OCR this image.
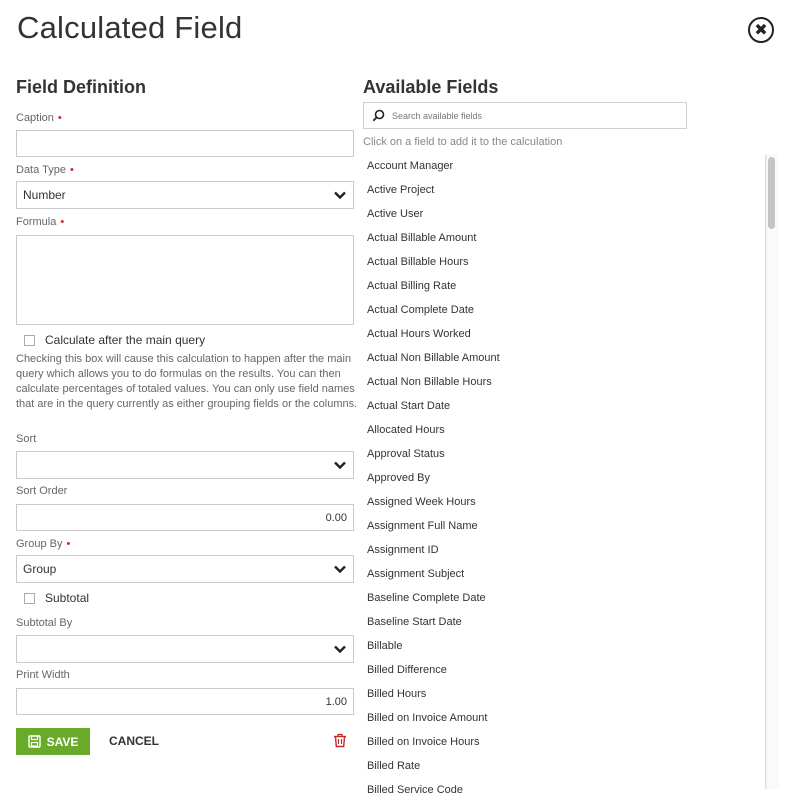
Calculated Field	✖
Field Definition
Caption •
Data Type •
Number
Formula •
Calculate after the main query
Checking this box will cause this calculation to happen after the main query which allows you to do formulas on the results. You can then calculate percentages of totaled values. You can only use field names that are in the query currently as either grouping fields or the columns.
Sort
Sort Order
0.00
Group By •
Group
Subtotal
Subtotal By
Print Width
1.00
SAVE	CANCEL
Available Fields
Search available fields
Click on a field to add it to the calculation
Account Manager
Active Project
Active User
Actual Billable Amount
Actual Billable Hours
Actual Billing Rate
Actual Complete Date
Actual Hours Worked
Actual Non Billable Amount
Actual Non Billable Hours
Actual Start Date
Allocated Hours
Approval Status
Approved By
Assigned Week Hours
Assignment Full Name
Assignment ID
Assignment Subject
Baseline Complete Date
Baseline Start Date
Billable
Billed Difference
Billed Hours
Billed on Invoice Amount
Billed on Invoice Hours
Billed Rate
Billed Service Code
